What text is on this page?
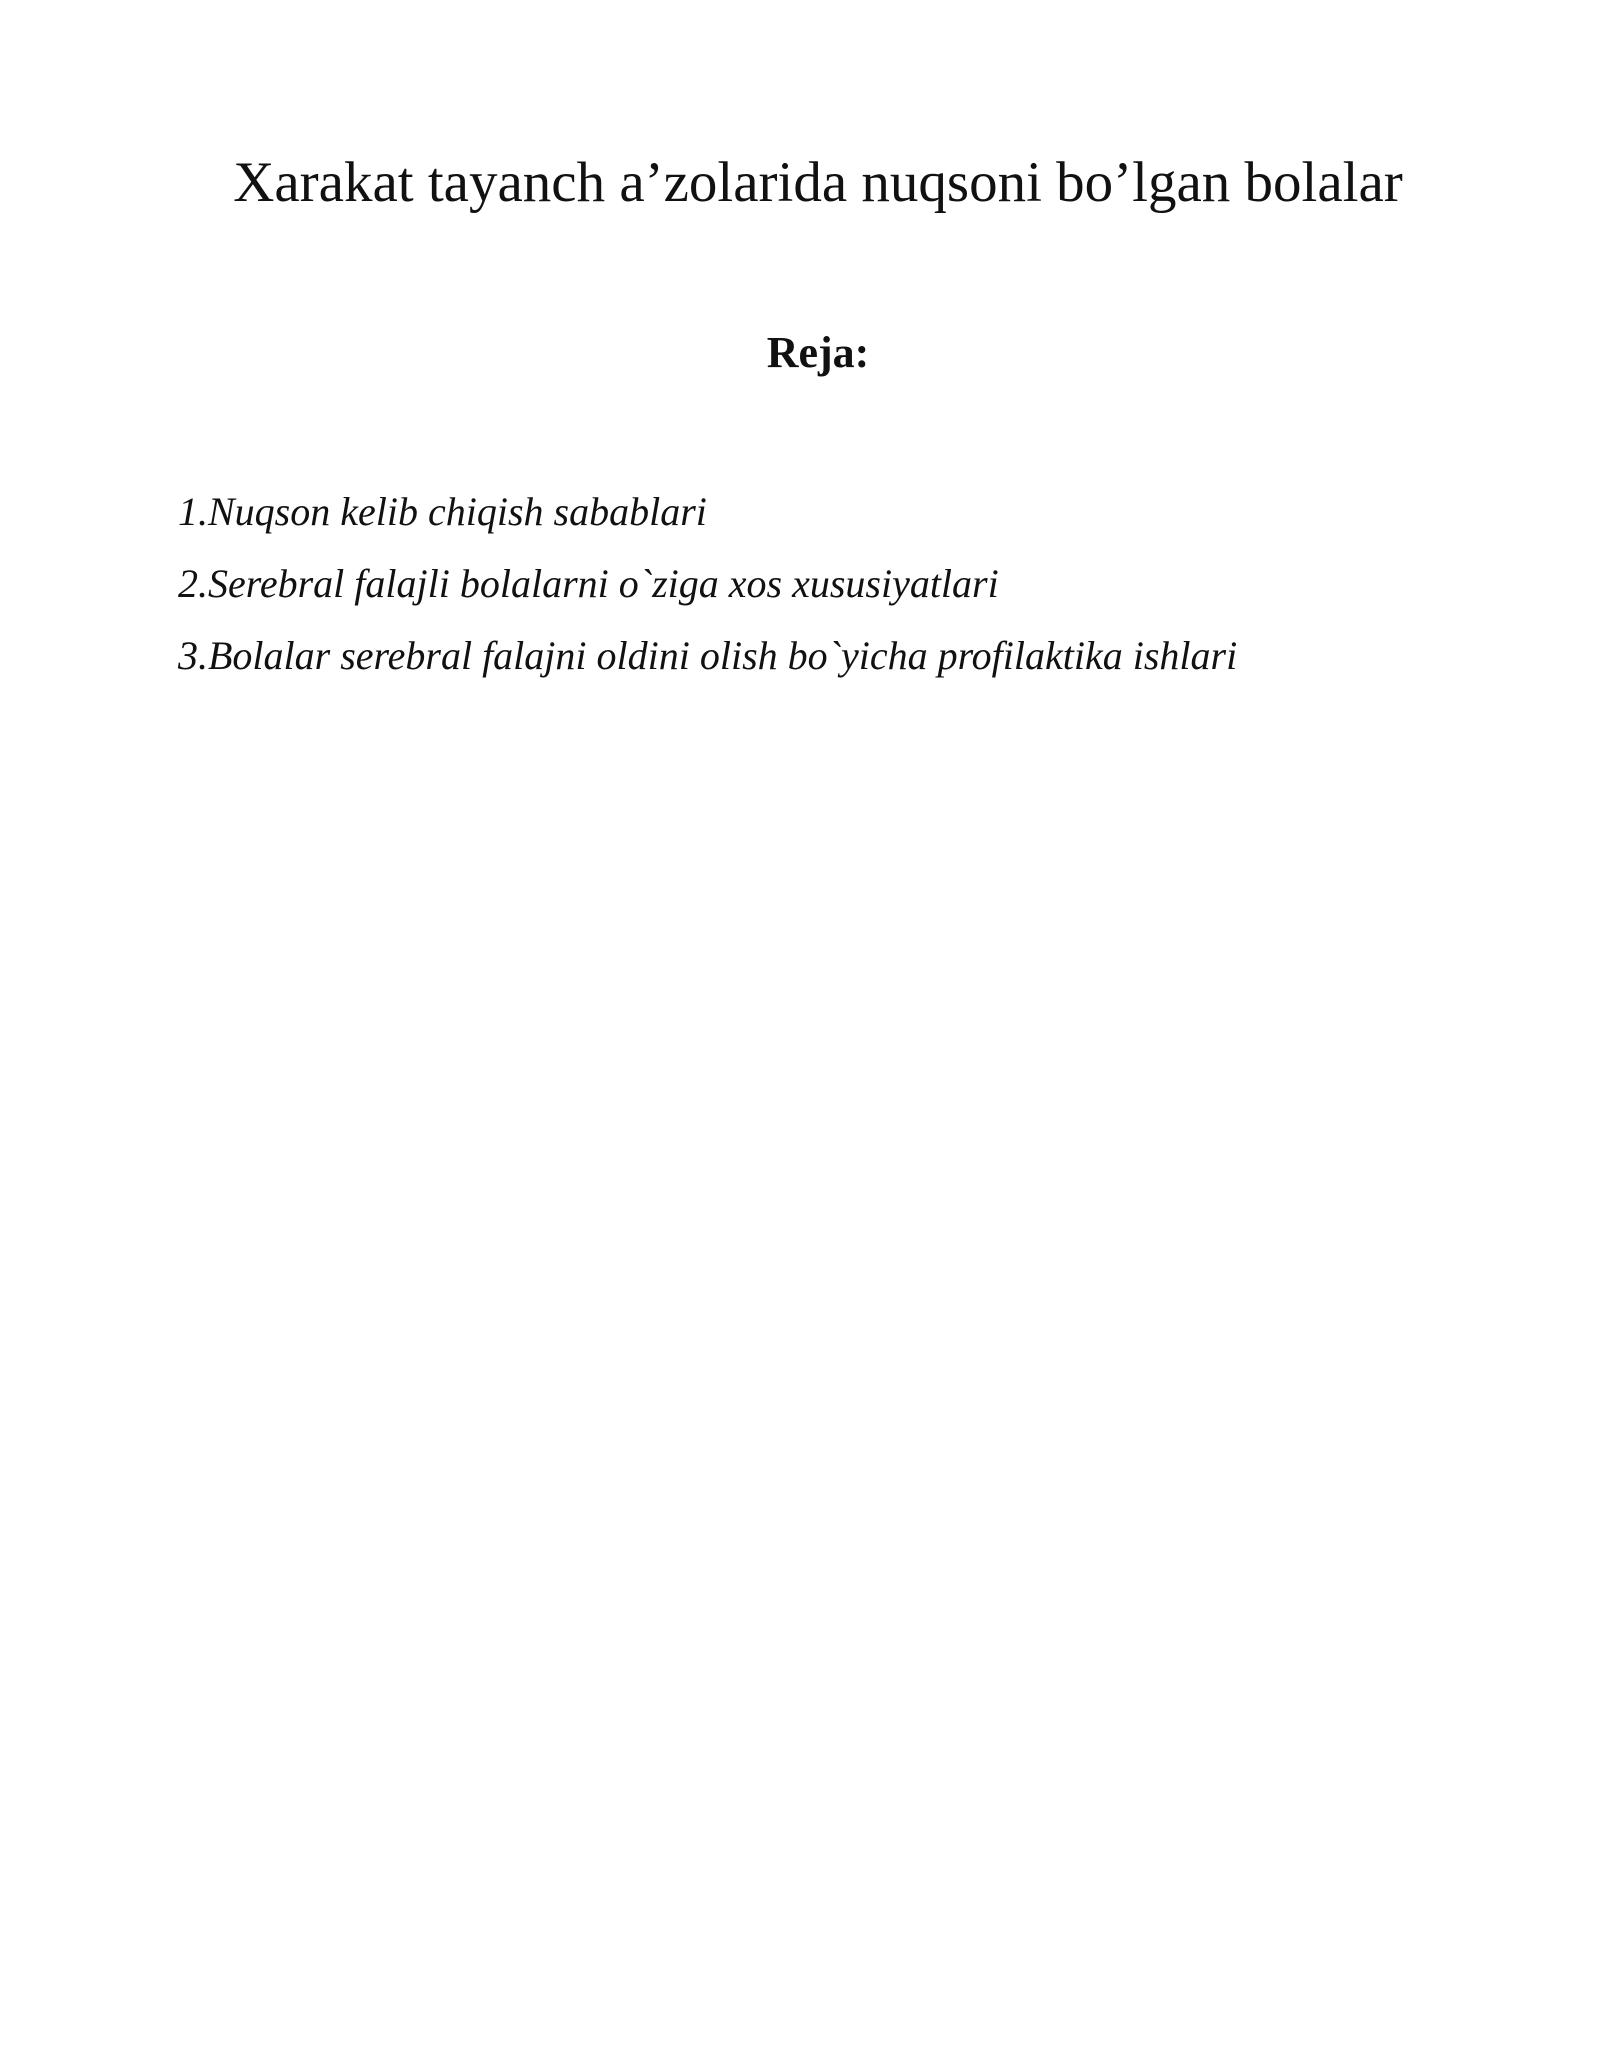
Xarakat tayanch a’zolarida nuqsoni bo’lgan bolalar
Reja:
1.Nuqson kelib chiqish sabablari
2.Serebral falajli bolalarni o`ziga xos xususiyatlari
3.Bolalar serebral falajni oldini olish bo`yicha profilaktika ishlari
